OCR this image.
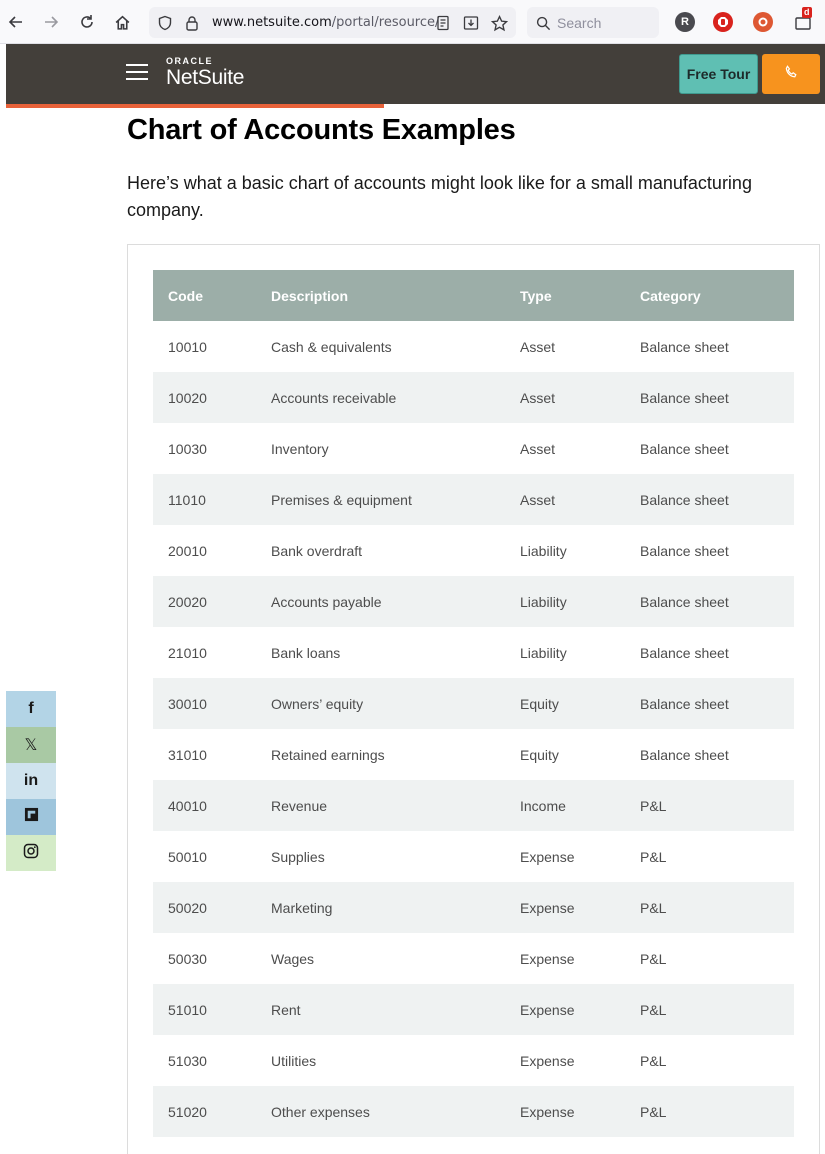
www.netsuite.com/portal/resource/	Search	R
d
ORACLE
NetSuite	Free Tour
Chart of Accounts Examples

Here’s what a basic chart of accounts might look like for a small manufacturing company.

Code	Description	Type	Category
10010	Cash & equivalents	Asset	Balance sheet
10020	Accounts receivable	Asset	Balance sheet
10030	Inventory	Asset	Balance sheet
11010	Premises & equipment	Asset	Balance sheet
20010	Bank overdraft	Liability	Balance sheet
20020	Accounts payable	Liability	Balance sheet
21010	Bank loans	Liability	Balance sheet
30010	Owners’ equity	Equity	Balance sheet
31010	Retained earnings	Equity	Balance sheet
40010	Revenue	Income	P&L
50010	Supplies	Expense	P&L
50020	Marketing	Expense	P&L
50030	Wages	Expense	P&L
51010	Rent	Expense	P&L
51030	Utilities	Expense	P&L
51020	Other expenses	Expense	P&L
f
𝕏
in
